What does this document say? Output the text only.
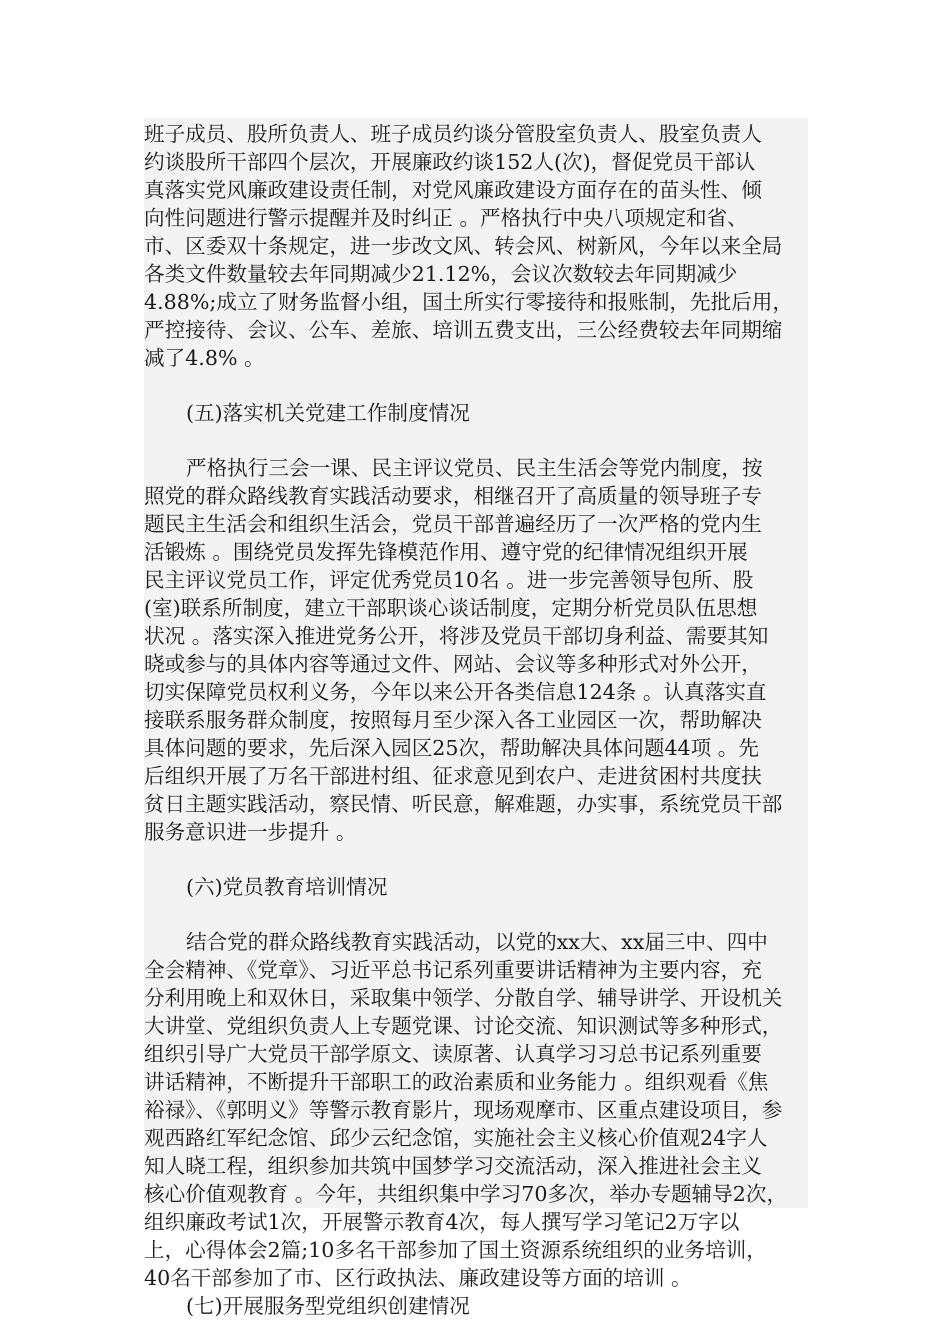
班子成员、股所负责人、班子成员约谈分管股室负责人、股室负责人
约谈股所干部四个层次，开展廉政约谈152人(次)，督促党员干部认
真落实党风廉政建设责任制，对党风廉政建设方面存在的苗头性、倾
向性问题进行警示提醒并及时纠正 。严格执行中央八项规定和省、
市、区委双十条规定，进一步改文风、转会风、树新风，今年以来全局
各类文件数量较去年同期减少21.12%，会议次数较去年同期减少
4.88%;成立了财务监督小组，国土所实行零接待和报账制，先批后用，
严控接待、会议、公车、差旅、培训五费支出，三公经费较去年同期缩
减了4.8% 。
(五)落实机关党建工作制度情况
严格执行三会一课、民主评议党员、民主生活会等党内制度，按
照党的群众路线教育实践活动要求，相继召开了高质量的领导班子专
题民主生活会和组织生活会，党员干部普遍经历了一次严格的党内生
活锻炼 。围绕党员发挥先锋模范作用、遵守党的纪律情况组织开展
民主评议党员工作，评定优秀党员10名 。进一步完善领导包所、股
(室)联系所制度，建立干部职谈心谈话制度，定期分析党员队伍思想
状况 。落实深入推进党务公开，将涉及党员干部切身利益、需要其知
晓或参与的具体内容等通过文件、网站、会议等多种形式对外公开，
切实保障党员权利义务，今年以来公开各类信息124条 。认真落实直
接联系服务群众制度，按照每月至少深入各工业园区一次，帮助解决
具体问题的要求，先后深入园区25次，帮助解决具体问题44项 。先
后组织开展了万名干部进村组、征求意见到农户、走进贫困村共度扶
贫日主题实践活动，察民情、听民意，解难题，办实事，系统党员干部
服务意识进一步提升 。
(六)党员教育培训情况
结合党的群众路线教育实践活动，以党的xx大、xx届三中、四中
全会精神、《党章》、习近平总书记系列重要讲话精神为主要内容，充
分利用晚上和双休日，采取集中领学、分散自学、辅导讲学、开设机关
大讲堂、党组织负责人上专题党课、讨论交流、知识测试等多种形式，
组织引导广大党员干部学原文、读原著、认真学习习总书记系列重要
讲话精神，不断提升干部职工的政治素质和业务能力 。组织观看《焦
裕禄》、《郭明义》等警示教育影片，现场观摩市、区重点建设项目，参
观西路红军纪念馆、邱少云纪念馆，实施社会主义核心价值观24字人
知人晓工程，组织参加共筑中国梦学习交流活动，深入推进社会主义
核心价值观教育 。今年，共组织集中学习70多次，举办专题辅导2次，
组织廉政考试1次，开展警示教育4次，每人撰写学习笔记2万字以
上，心得体会2篇;10多名干部参加了国土资源系统组织的业务培训，
40名干部参加了市、区行政执法、廉政建设等方面的培训 。
(七)开展服务型党组织创建情况
